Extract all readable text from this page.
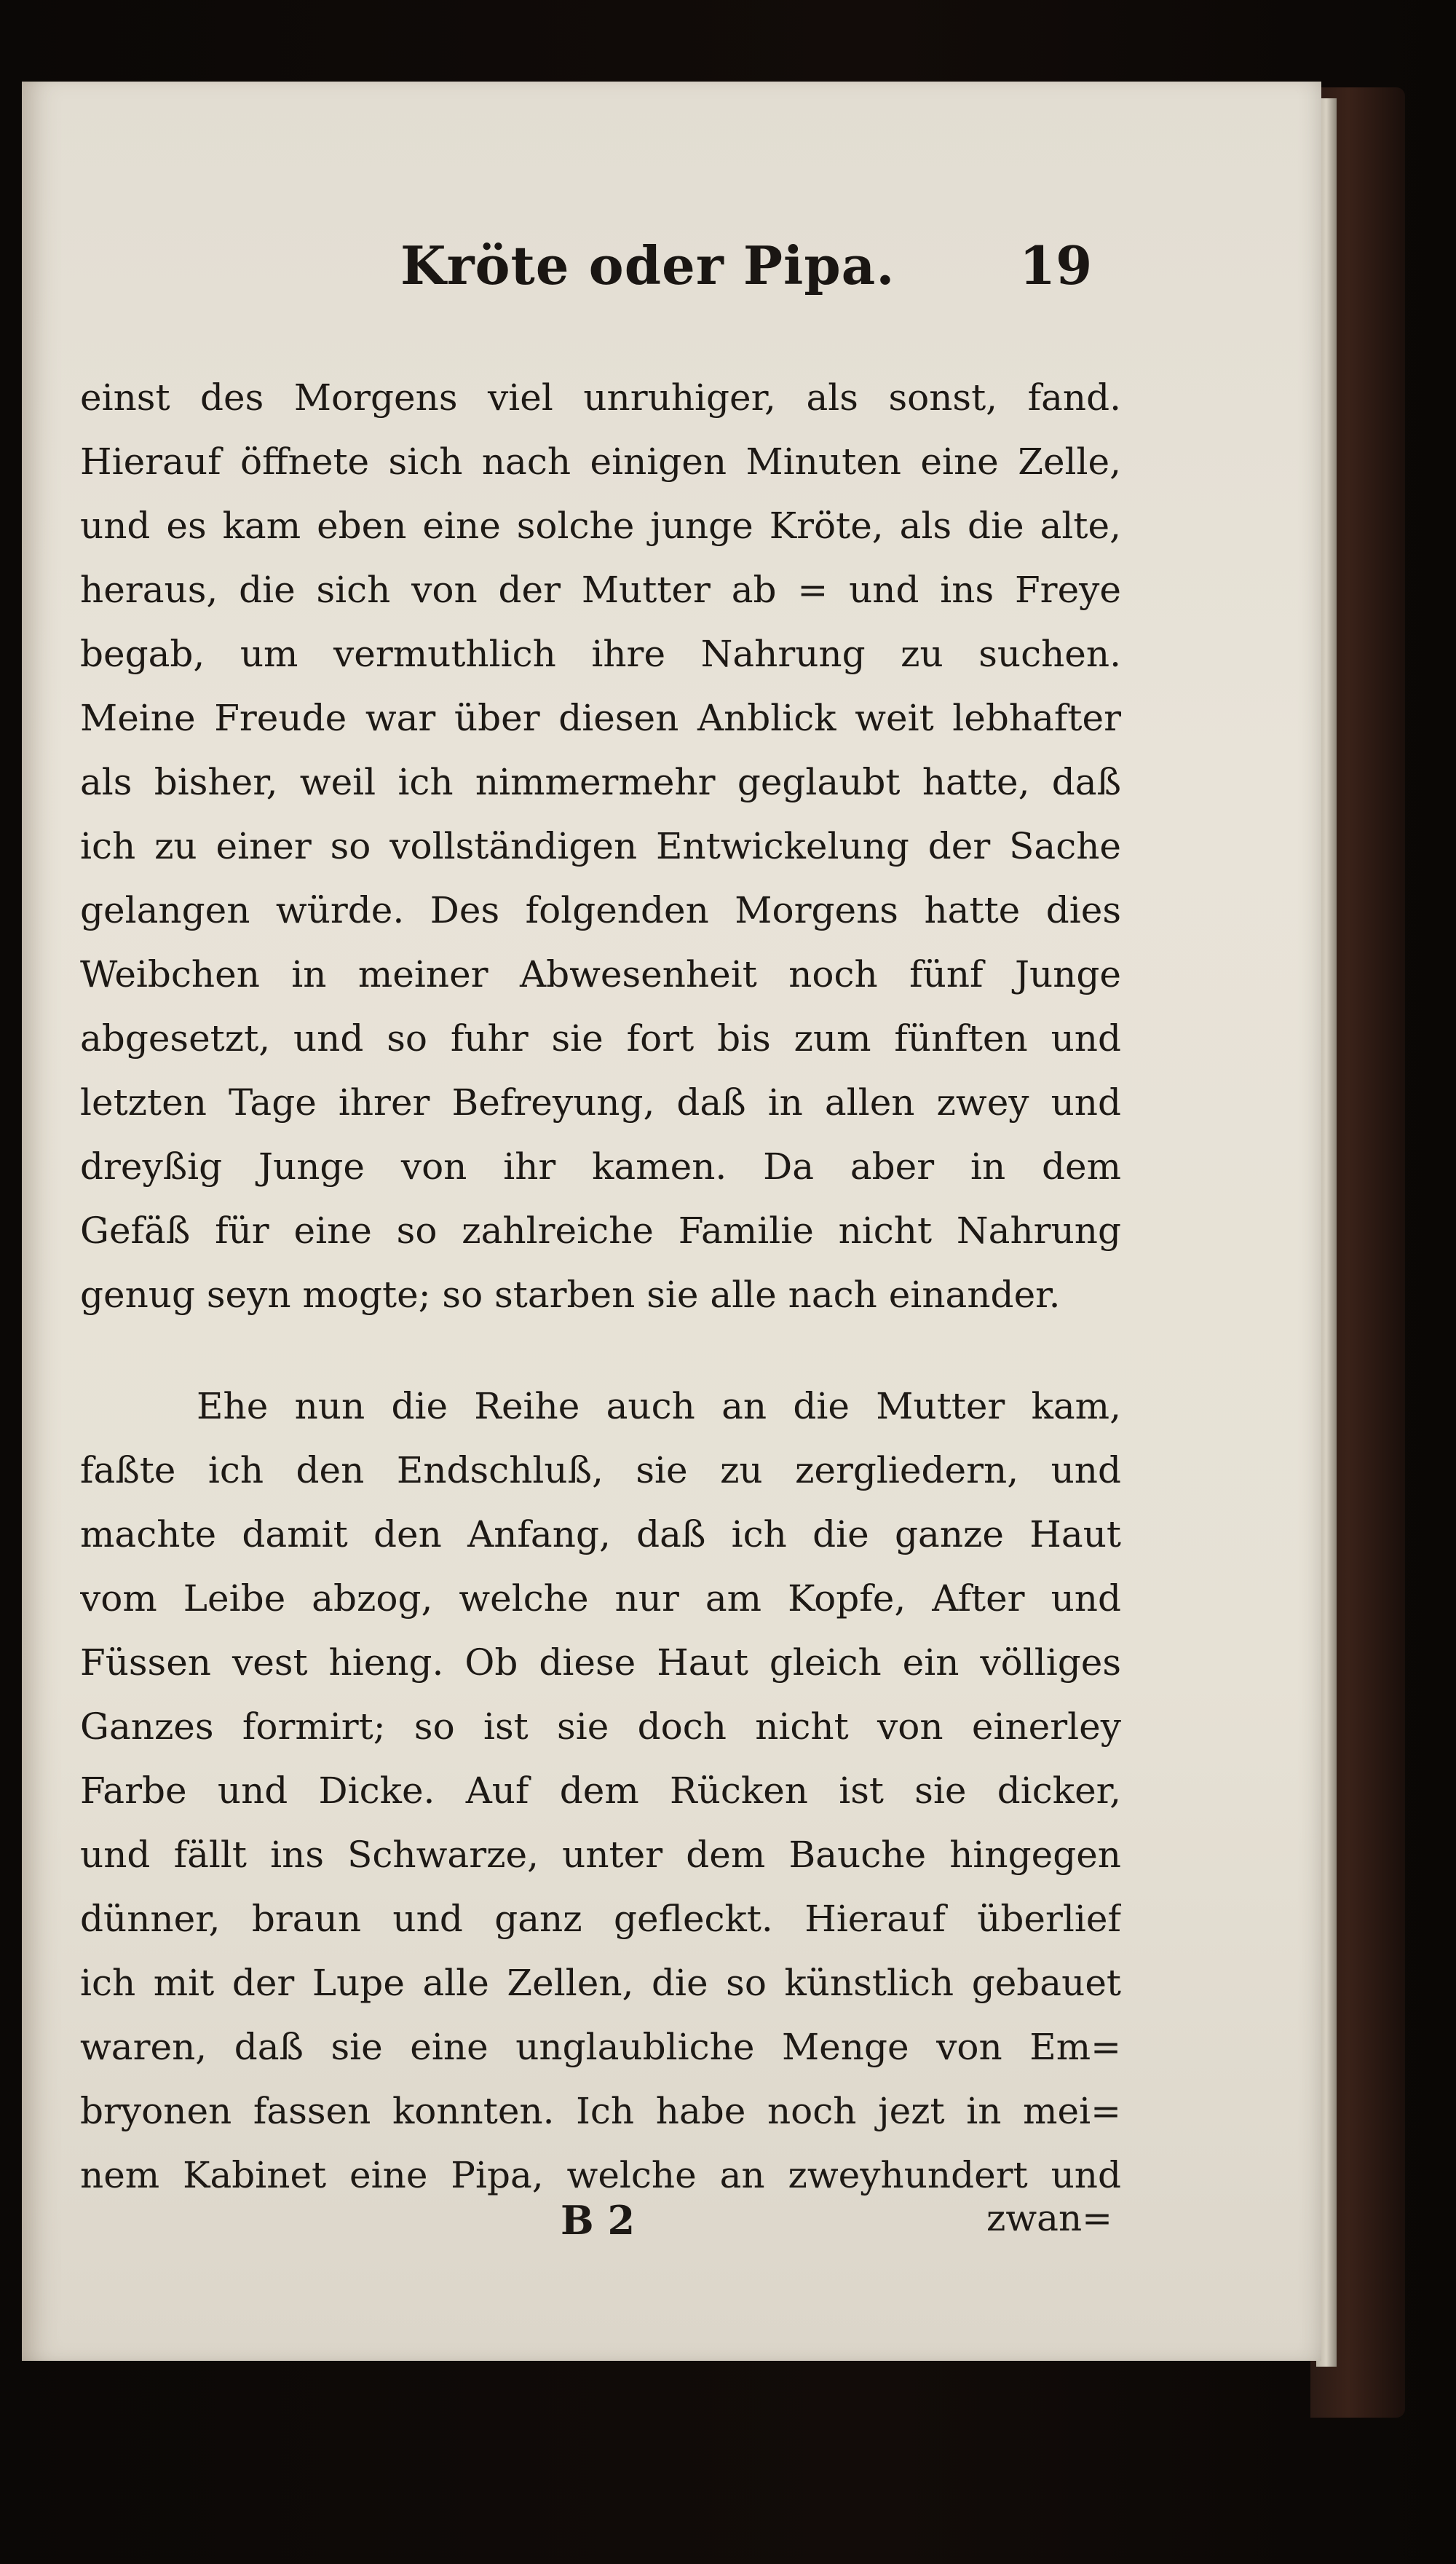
Kröte oder Pipa. 19
einst des Morgens viel unruhiger, als sonst, fand.
Hierauf öffnete sich nach einigen Minuten eine Zelle,
und es kam eben eine solche junge Kröte, als die alte,
heraus, die sich von der Mutter ab = und ins Freye
begab, um vermuthlich ihre Nahrung zu suchen.
Meine Freude war über diesen Anblick weit lebhafter
als bisher, weil ich nimmermehr geglaubt hatte, daß
ich zu einer so vollständigen Entwickelung der Sache
gelangen würde. Des folgenden Morgens hatte dies
Weibchen in meiner Abwesenheit noch fünf Junge
abgesetzt, und so fuhr sie fort bis zum fünften und
letzten Tage ihrer Befreyung, daß in allen zwey und
dreyßig Junge von ihr kamen. Da aber in dem
Gefäß für eine so zahlreiche Familie nicht Nahrung
genug seyn mogte; so starben sie alle nach einander.
Ehe nun die Reihe auch an die Mutter kam,
faßte ich den Endschluß, sie zu zergliedern, und
machte damit den Anfang, daß ich die ganze Haut
vom Leibe abzog, welche nur am Kopfe, After und
Füssen vest hieng. Ob diese Haut gleich ein völliges
Ganzes formirt; so ist sie doch nicht von einerley
Farbe und Dicke. Auf dem Rücken ist sie dicker,
und fällt ins Schwarze, unter dem Bauche hingegen
dünner, braun und ganz gefleckt. Hierauf überlief
ich mit der Lupe alle Zellen, die so künstlich gebauet
waren, daß sie eine unglaubliche Menge von Em=
bryonen fassen konnten. Ich habe noch jezt in mei=
nem Kabinet eine Pipa, welche an zweyhundert und
B 2	zwan=
